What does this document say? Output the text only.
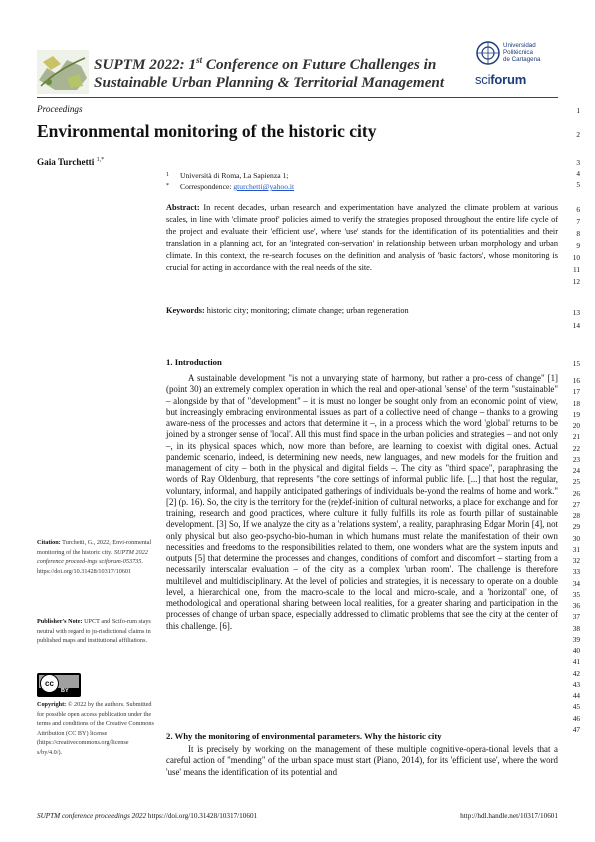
SUPTM 2022: 1st Conference on Future Challenges in
Sustainable Urban Planning & Territorial Management
Universidad
Politécnica
de Cartagena
sciforum
Proceedings
Environmental monitoring of the historic city
Gaia Turchetti $^{1,*}$
1 Università di Roma, La Sapienza 1;
* Correspondence: gturchetti@yahoo.it
Abstract: In recent decades, urban research and experimentation have analyzed the climate problem at various scales, in line with 'climate proof' policies aimed to verify the strategies proposed throughout the entire life cycle of the project and evaluate their 'efficient use', where 'use' stands for the identification of its potentialities and their translation in a planning act, for an 'integrated con-servation' in relationship between urban morphology and urban climate. In this context, the re-search focuses on the definition and analysis of 'basic factors', whose monitoring is crucial for acting in accordance with the real needs of the site.
Keywords: historic city; monitoring; climate change; urban regeneration
1. Introduction

A sustainable development "is not a unvarying state of harmony, but rather a pro-cess of change" [1] (point 30) an extremely complex operation in which the real and oper-ational 'sense' of the term "sustainable" – alongside by that of "development" – it is must no longer be sought only from an economic point of view, but increasingly embracing environmental issues as part of a collective need of change – thanks to a growing aware-ness of the processes and actors that determine it –, in a process which the word 'global' returns to be joined by a stronger sense of 'local'. All this must find space in the urban policies and strategies – and not only –, in its physical spaces which, now more than before, are learning to coexist with digital ones. Actual pandemic scenario, indeed, is determining new needs, new languages, and new models for the fruition and management of city – both in the physical and digital fields –. The city as "third space", paraphrasing the words of Ray Oldenburg, that represents "the core settings of informal public life. [...] that host the regular, voluntary, informal, and happily anticipated gatherings of individuals be-yond the realms of home and work." [2] (p. 16). So, the city is the territory for the (re)def-inition of cultural networks, a place for exchange and for training, research and good practices, where culture it fully fulfills its role as fourth pillar of sustainable development. [3] So, If we analyze the city as a 'relations system', a reality, paraphrasing Edgar Morin [4], not only physical but also geo-psycho-bio-human in which humans must relate the manifestation of their own necessities and freedoms to the responsibilities related to them, one wonders what are the system inputs and outputs [5] that determine the processes and changes, conditions of comfort and discomfort – starting from a necessarily interscalar evaluation – of the city as a complex 'urban room'. The challenge is therefore multilevel and multidisciplinary. At the level of policies and strategies, it is necessary to operate on a double level, a hierarchical one, from the macro-scale to the local and micro-scale, and a 'horizontal' one, of methodological and operational sharing between local realities, for a greater sharing and participation in the processes of change of urban space, especially addressed to climatic problems that see the city at the center of this challenge. [6].

2. Why the monitoring of environmental parameters. Why the historic city

It is precisely by working on the management of these multiple cognitive-opera-tional levels that a careful action of "mending" of the urban space must start (Piano, 2014), for its 'efficient use', where the word 'use' means the identification of its potential and

1
2
3
4
5
6
7
8
9
10
11
12
13
14
15
16
17
18
19
20
21
22
23
24
25
26
27
28
29
30
31
32
33
34
35
36
37
38
39
40
41
42
43
44
45
46
47
Citation: Turchetti, G., 2022, Envi-ronmental monitoring of the historic city. SUPTM 2022 conference proceed-ings sciforum-053735. https://doi.org/10.31428/10317/10601
Publisher's Note: UPCT and Scifo-rum stays neutral with regard to ju-risdictional claims in published maps and institutional affiliations.
cc
BY
Copyright: © 2022 by the authors. Submitted for possible open access publication under the terms and conditions of the Creative Commons Attribution (CC BY) license (https://creativecommons.org/license s/by/4.0/).
SUPTM conference proceedings 2022 https://doi.org/10.31428/10317/10601	http://hdl.handle.net/10317/10601
